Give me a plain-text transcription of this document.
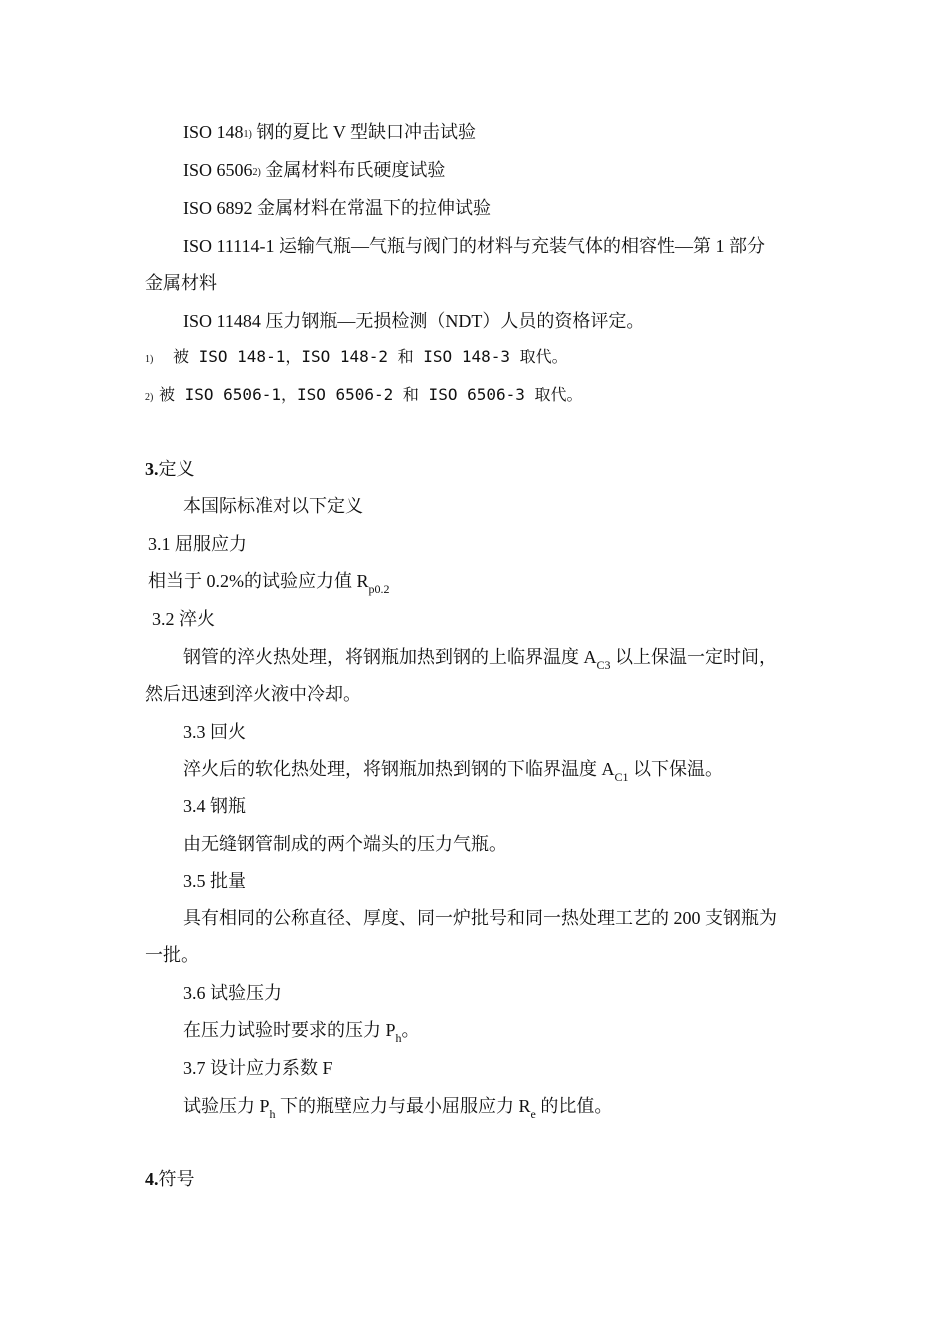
ISO 1481) 钢的夏比 V 型缺口冲击试验
ISO 65062) 金属材料布氏硬度试验
ISO 6892 金属材料在常温下的拉伸试验
ISO 11114-1 运输气瓶—气瓶与阀门的材料与充装气体的相容性—第 1 部分
金属材料
ISO 11484 压力钢瓶—无损检测（NDT）人员的资格评定。
1) 被 ISO 148-1，ISO 148-2 和 ISO 148-3 取代。
2) 被 ISO 6506-1，ISO 6506-2 和 ISO 6506-3 取代。
3.定义
本国际标准对以下定义
3.1 屈服应力
相当于 0.2%的试验应力值 $R_{p0.2}$
3.2 淬火
钢管的淬火热处理，将钢瓶加热到钢的上临界温度 $A_{C3}$ 以上保温一定时间，
然后迅速到淬火液中冷却。
3.3 回火
淬火后的软化热处理，将钢瓶加热到钢的下临界温度 $A_{C1}$ 以下保温。
3.4 钢瓶
由无缝钢管制成的两个端头的压力气瓶。
3.5 批量
具有相同的公称直径、厚度、同一炉批号和同一热处理工艺的 200 支钢瓶为
一批。
3.6 试验压力
在压力试验时要求的压力 $P_h$。
3.7 设计应力系数 F
试验压力 $P_h$ 下的瓶壁应力与最小屈服应力 $R_e$ 的比值。
4.符号
